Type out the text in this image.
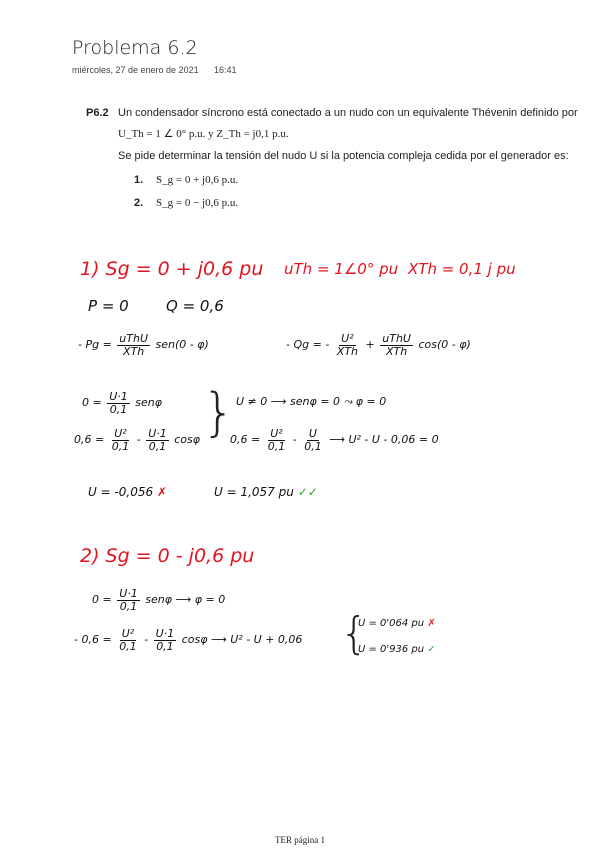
Problema 6.2
miércoles, 27 de enero de 2021 16:41
P6.2 Un condensador síncrono está conectado a un nudo con un equivalente Thévenin definido por
U_Th = 1 ∠ 0° p.u. y Z_Th = j0,1 p.u.
Se pide determinar la tensión del nudo U si la potencia compleja cedida por el generador es:
1. S_g = 0 + j0,6 p.u.
2. S_g = 0 − j0,6 p.u.
1) Sg = 0 + j0,6 pu uTh = 1∠0° pu XTh = 0,1 j pu
P = 0 Q = 0,6
- $Pg = \frac{\text{uThU}}{\text{XTh}} sen(0 - \varphi)$	- Qg = - $\frac{\text{U²}}{\text{XTh}} + \frac{\text{uThU}}{\text{XTh}} \cos(0 - \varphi)$
$0 = \frac{U\cdot 1}{0,1}$ senφ
$0,6 = \frac{\text{U²}}{0,1} - \frac{U\cdot 1}{0,1}$ cosφ } U ≠ 0 ⟶ senφ = 0 ⤳ φ = 0
$0,6 = \frac{\text{U²}}{0,1} - \frac{U}{0,1}$ ⟶ U² - U - 0,06 = 0
U = -0,056 ✗	U = 1,057 pu ✓✓
2) Sg = 0 - j0,6 pu
$0 = \frac{U\cdot 1}{0,1}$ senφ ⟶ φ = 0
- $0,6 = \frac{\text{U²}}{0,1} - \frac{U\cdot 1}{0,1}$ cosφ ⟶ U² - U + 0,06 {
U = 0'064 pu ✗
U = 0'936 pu ✓
TER página 1
